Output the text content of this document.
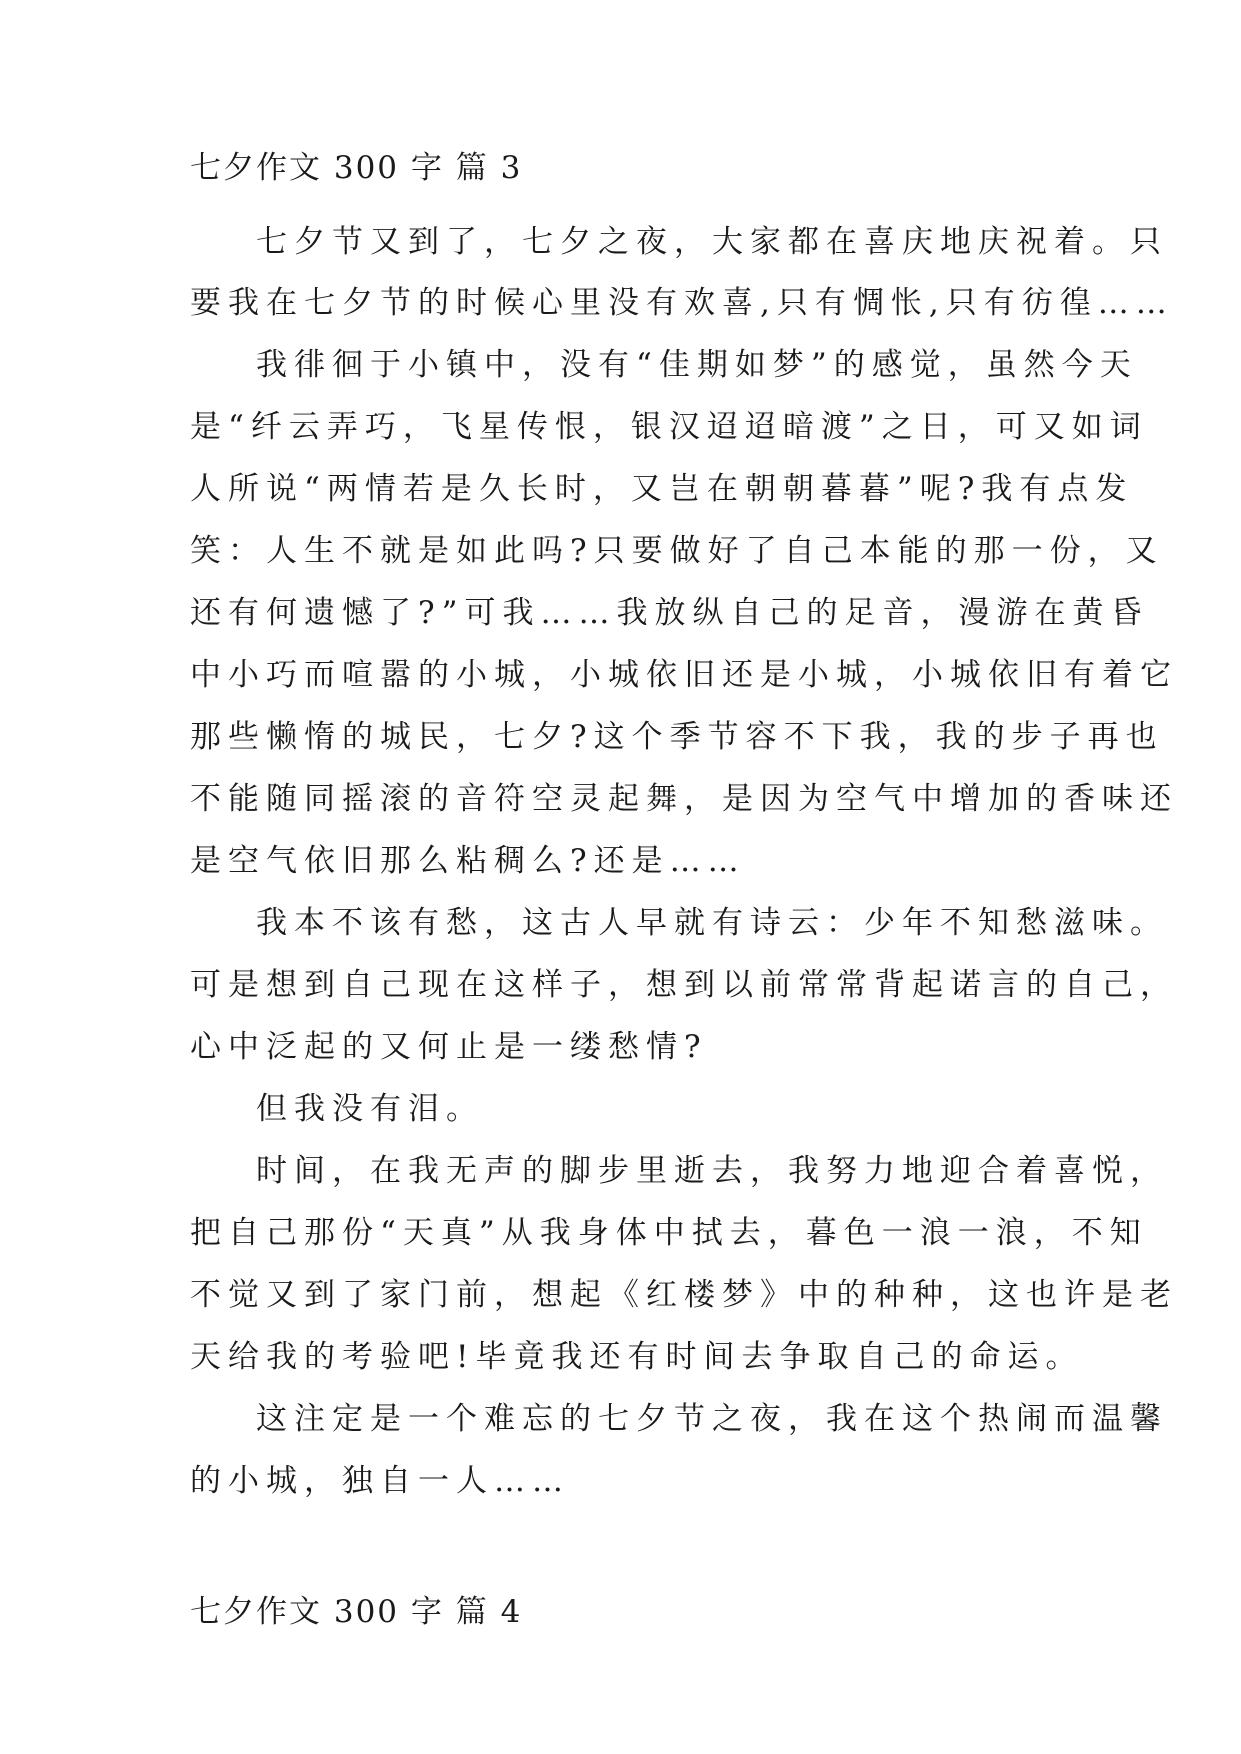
七夕作文 300 字 篇 3
七夕节又到了，七夕之夜，大家都在喜庆地庆祝着。只
要我在七夕节的时候心里没有欢喜,只有惆怅,只有彷徨……
我徘徊于小镇中，没有“佳期如梦”的感觉，虽然今天
是“纤云弄巧，飞星传恨，银汉迢迢暗渡”之日，可又如词
人所说“两情若是久长时，又岂在朝朝暮暮”呢?我有点发
笑：人生不就是如此吗?只要做好了自己本能的那一份，又
还有何遗憾了?”可我……我放纵自己的足音，漫游在黄昏
中小巧而喧嚣的小城，小城依旧还是小城，小城依旧有着它
那些懒惰的城民，七夕?这个季节容不下我，我的步子再也
不能随同摇滚的音符空灵起舞，是因为空气中增加的香味还
是空气依旧那么粘稠么?还是……
我本不该有愁，这古人早就有诗云：少年不知愁滋味。
可是想到自己现在这样子，想到以前常常背起诺言的自己，
心中泛起的又何止是一缕愁情?
但我没有泪。
时间，在我无声的脚步里逝去，我努力地迎合着喜悦，
把自己那份“天真”从我身体中拭去，暮色一浪一浪，不知
不觉又到了家门前，想起《红楼梦》中的种种，这也许是老
天给我的考验吧!毕竟我还有时间去争取自己的命运。
这注定是一个难忘的七夕节之夜，我在这个热闹而温馨
的小城，独自一人……
七夕作文 300 字 篇 4
